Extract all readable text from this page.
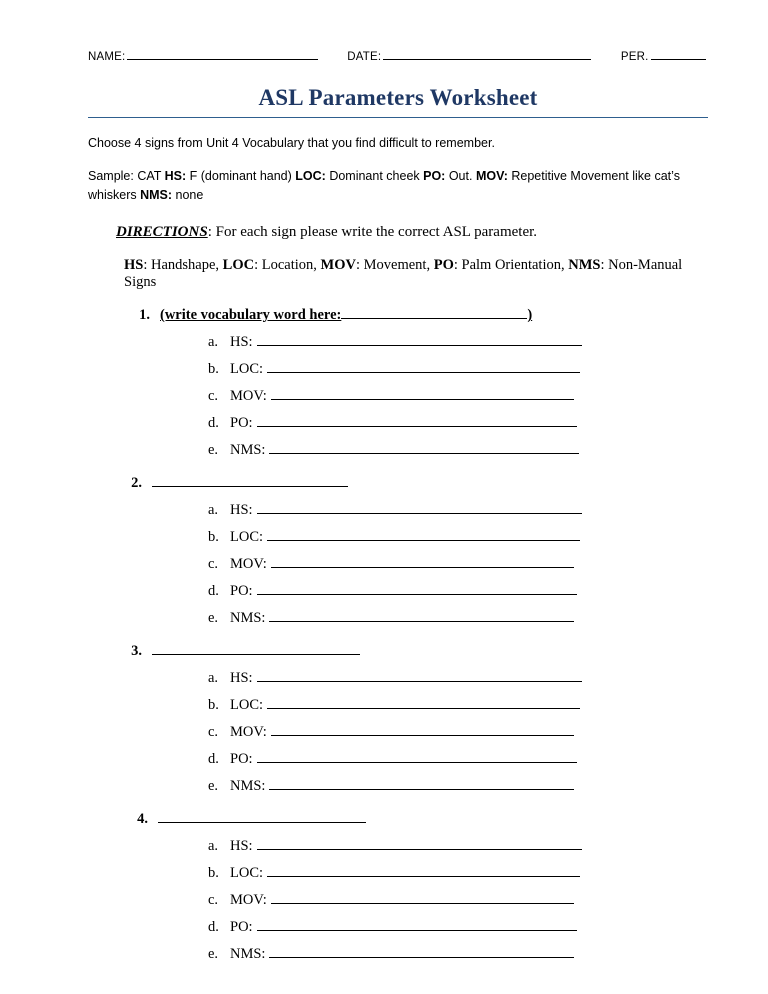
NAME:	DATE:	PER.
ASL Parameters Worksheet
Choose 4 signs from Unit 4 Vocabulary that you find difficult to remember.
Sample: CAT HS: F (dominant hand) LOC: Dominant cheek PO: Out. MOV: Repetitive Movement like cat’s whiskers NMS: none
DIRECTIONS: For each sign please write the correct ASL parameter.
HS: Handshape, LOC: Location, MOV: Movement, PO: Palm Orientation, NMS: Non-Manual Signs
1. (write vocabulary word here:	)
a. HS:
b. LOC:
c. MOV:
d. PO:
e. NMS:
2.
a. HS:
b. LOC:
c. MOV:
d. PO:
e. NMS:
3.
a. HS:
b. LOC:
c. MOV:
d. PO:
e. NMS:
4.
a. HS:
b. LOC:
c. MOV:
d. PO:
e. NMS:
